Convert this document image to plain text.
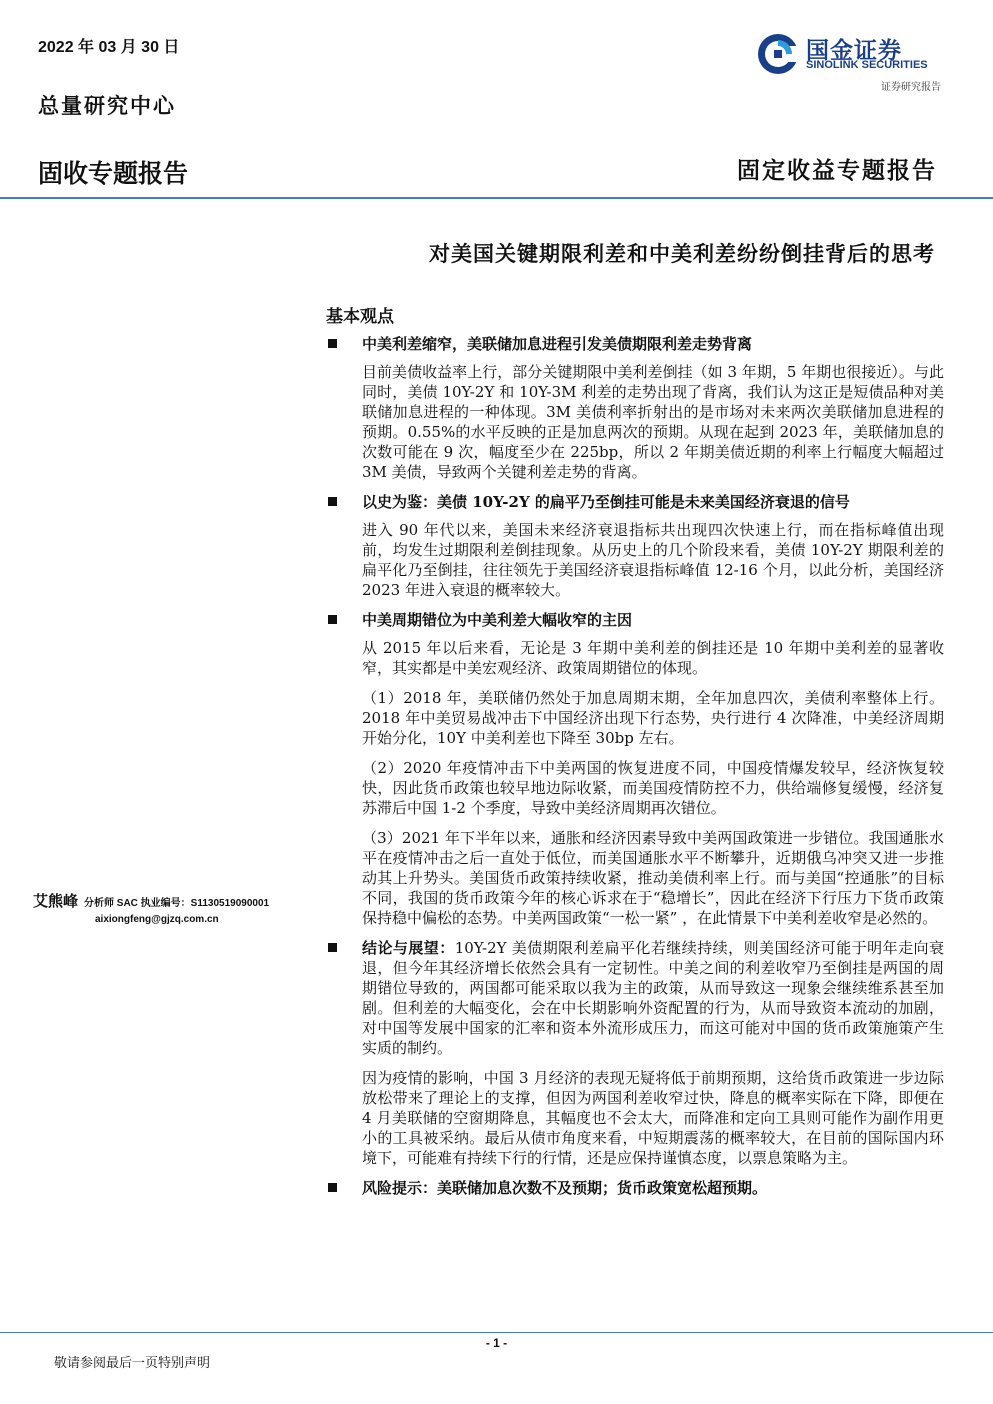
2022 年 03 月 30 日
总量研究中心
固收专题报告
国金证券
SINOLINK SECURITIES
证券研究报告
固定收益专题报告
对美国关键期限利差和中美利差纷纷倒挂背后的思考
基本观点
中美利差缩窄，美联储加息进程引发美债期限利差走势背离
目前美债收益率上行，部分关键期限中美利差倒挂（如 3 年期，5 年期也很接近）。与此同时，美债 10Y-2Y 和 10Y-3M 利差的走势出现了背离，我们认为这正是短债品种对美联储加息进程的一种体现。3M 美债利率折射出的是市场对未来两次美联储加息进程的预期。0.55%的水平反映的正是加息两次的预期。从现在起到 2023 年，美联储加息的次数可能在 9 次，幅度至少在 225bp，所以 2 年期美债近期的利率上行幅度大幅超过 3M 美债，导致两个关键利差走势的背离。
以史为鉴：美债 10Y-2Y 的扁平乃至倒挂可能是未来美国经济衰退的信号
进入 90 年代以来，美国未来经济衰退指标共出现四次快速上行，而在指标峰值出现前，均发生过期限利差倒挂现象。从历史上的几个阶段来看，美债 10Y-2Y 期限利差的扁平化乃至倒挂，往往领先于美国经济衰退指标峰值 12-16 个月，以此分析，美国经济 2023 年进入衰退的概率较大。
中美周期错位为中美利差大幅收窄的主因
从 2015 年以后来看，无论是 3 年期中美利差的倒挂还是 10 年期中美利差的显著收窄，其实都是中美宏观经济、政策周期错位的体现。
（1）2018 年，美联储仍然处于加息周期末期，全年加息四次，美债利率整体上行。2018 年中美贸易战冲击下中国经济出现下行态势，央行进行 4 次降准，中美经济周期开始分化，10Y 中美利差也下降至 30bp 左右。
（2）2020 年疫情冲击下中美两国的恢复进度不同，中国疫情爆发较早，经济恢复较快，因此货币政策也较早地边际收紧，而美国疫情防控不力，供给端修复缓慢，经济复苏滞后中国 1-2 个季度，导致中美经济周期再次错位。
（3）2021 年下半年以来，通胀和经济因素导致中美两国政策进一步错位。我国通胀水平在疫情冲击之后一直处于低位，而美国通胀水平不断攀升，近期俄乌冲突又进一步推动其上升势头。美国货币政策持续收紧，推动美债利率上行。而与美国“控通胀”的目标不同，我国的货币政策今年的核心诉求在于“稳增长”，因此在经济下行压力下货币政策保持稳中偏松的态势。中美两国政策“一松一紧” ，在此情景下中美利差收窄是必然的。
结论与展望：10Y-2Y 美债期限利差扁平化若继续持续，则美国经济可能于明年走向衰退，但今年其经济增长依然会具有一定韧性。中美之间的利差收窄乃至倒挂是两国的周期错位导致的，两国都可能采取以我为主的政策，从而导致这一现象会继续维系甚至加剧。但利差的大幅变化，会在中长期影响外资配置的行为，从而导致资本流动的加剧，对中国等发展中国家的汇率和资本外流形成压力，而这可能对中国的货币政策施策产生实质的制约。
因为疫情的影响，中国 3 月经济的表现无疑将低于前期预期，这给货币政策进一步边际放松带来了理论上的支撑，但因为两国利差收窄过快，降息的概率实际在下降，即便在 4 月美联储的空窗期降息，其幅度也不会太大，而降准和定向工具则可能作为副作用更小的工具被采纳。最后从债市角度来看，中短期震荡的概率较大，在目前的国际国内环境下，可能难有持续下行的行情，还是应保持谨慎态度，以票息策略为主。
风险提示：美联储加息次数不及预期；货币政策宽松超预期。
艾熊峰 分析师 SAC 执业编号：S1130519090001
aixiongfeng@gjzq.com.cn
- 1 -
敬请参阅最后一页特别声明
